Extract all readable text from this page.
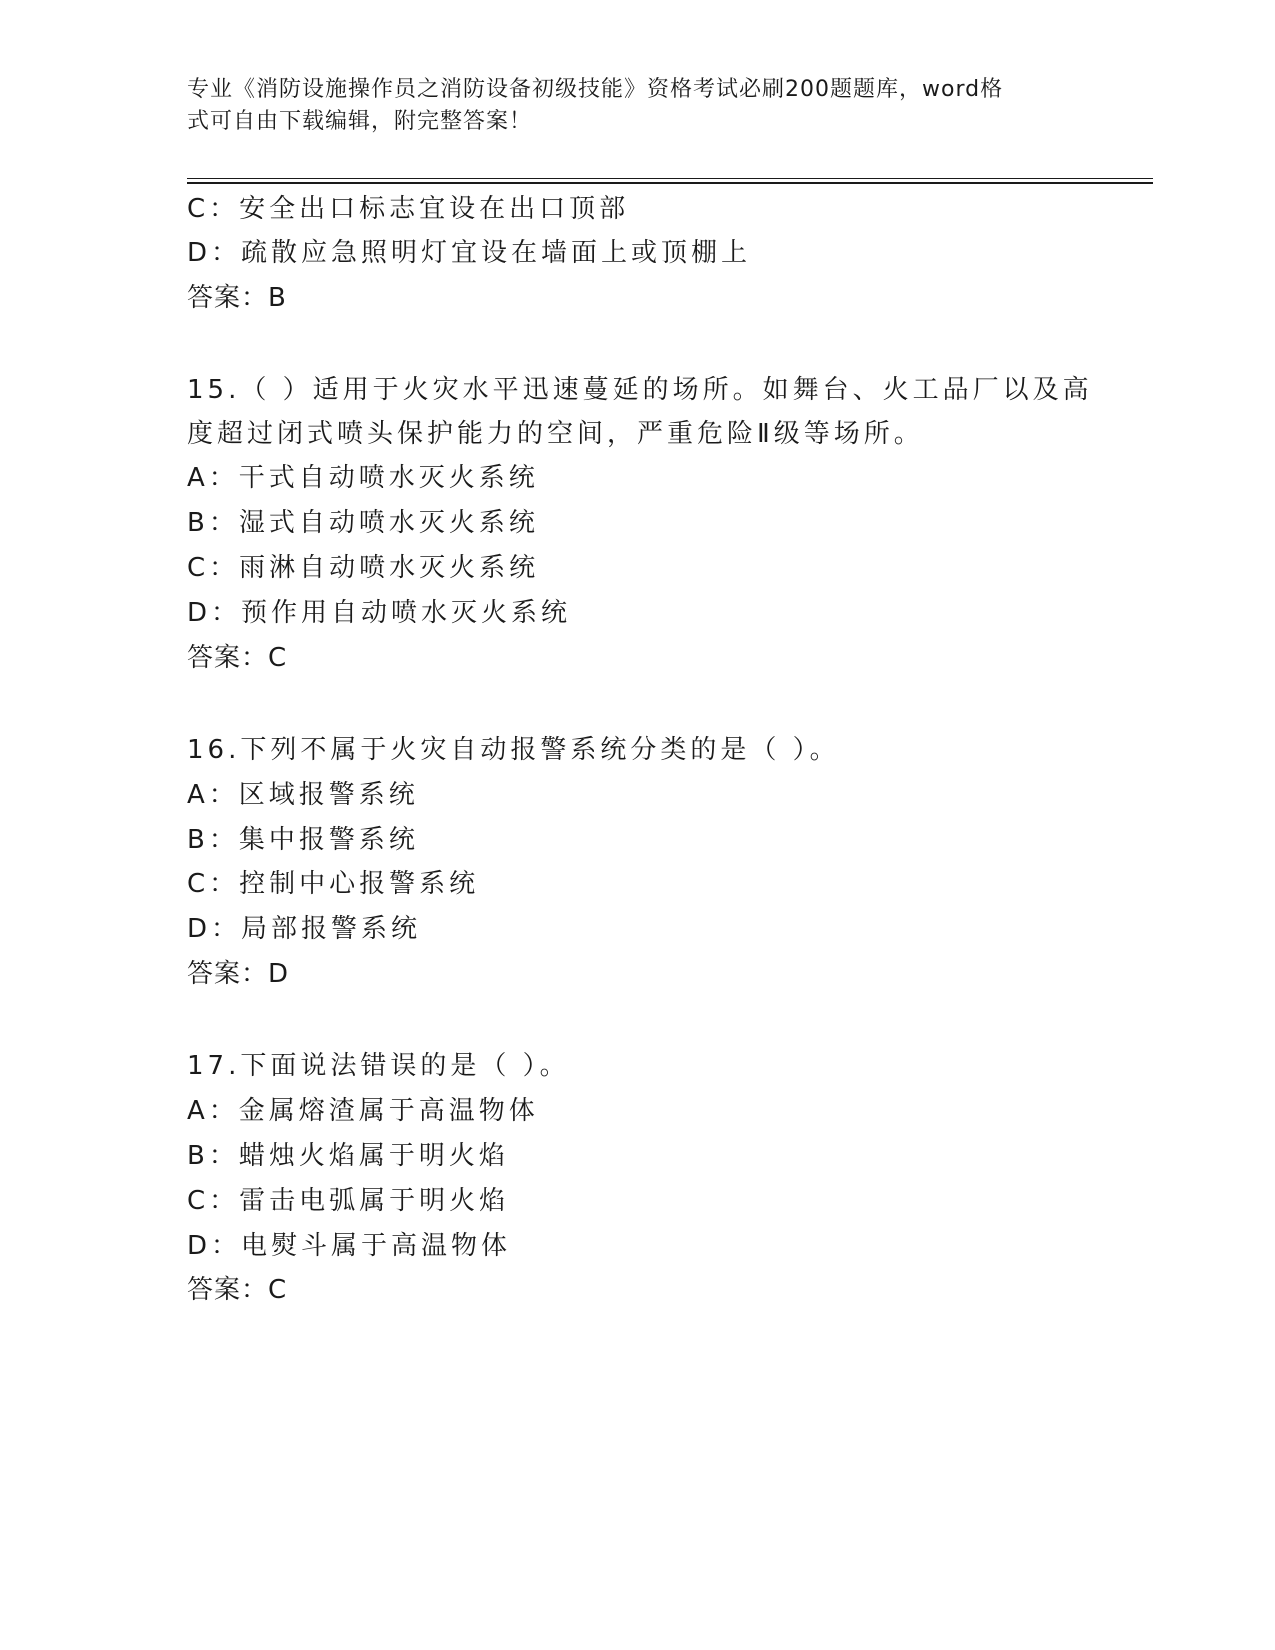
专业《消防设施操作员之消防设备初级技能》资格考试必刷200题题库，word格
式可自由下载编辑，附完整答案！
C：安全出口标志宜设在出口顶部
D：疏散应急照明灯宜设在墙面上或顶棚上
答案：B
15.（ ）适用于火灾水平迅速蔓延的场所。如舞台、火工品厂以及高
度超过闭式喷头保护能力的空间，严重危险Ⅱ级等场所。
A：干式自动喷水灭火系统
B：湿式自动喷水灭火系统
C：雨淋自动喷水灭火系统
D：预作用自动喷水灭火系统
答案：C
16.下列不属于火灾自动报警系统分类的是（ ）。
A：区域报警系统
B：集中报警系统
C：控制中心报警系统
D：局部报警系统
答案：D
17.下面说法错误的是（ ）。
A：金属熔渣属于高温物体
B：蜡烛火焰属于明火焰
C：雷击电弧属于明火焰
D：电熨斗属于高温物体
答案：C
